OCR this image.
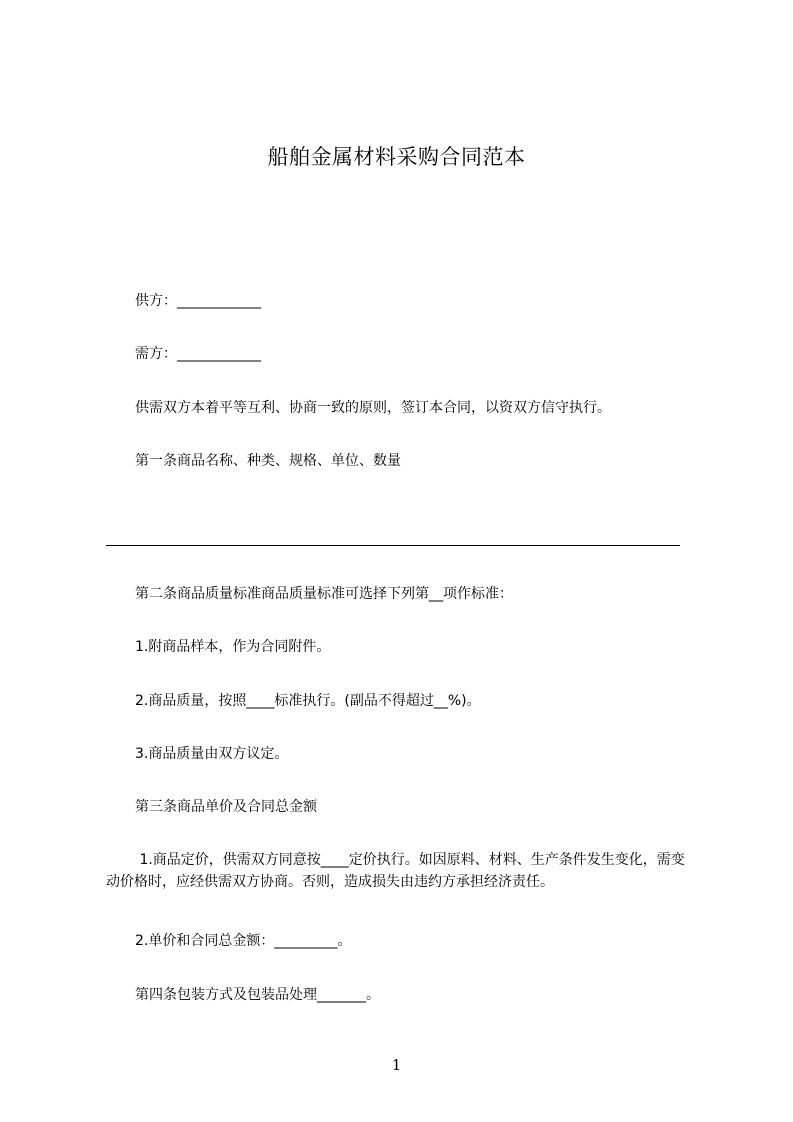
船舶金属材料采购合同范本
供方：____________
需方：____________
供需双方本着平等互利、协商一致的原则，签订本合同，以资双方信守执行。
第一条商品名称、种类、规格、单位、数量
第二条商品质量标准商品质量标准可选择下列第__项作标准：
1.附商品样本，作为合同附件。
2.商品质量，按照____标准执行。(副品不得超过__%)。
3.商品质量由双方议定。
第三条商品单价及合同总金额
1.商品定价，供需双方同意按____定价执行。如因原料、材料、生产条件发生变化，需变动价格时，应经供需双方协商。否则，造成损失由违约方承担经济责任。
2.单价和合同总金额：_________。
第四条包装方式及包装品处理_______。
1
